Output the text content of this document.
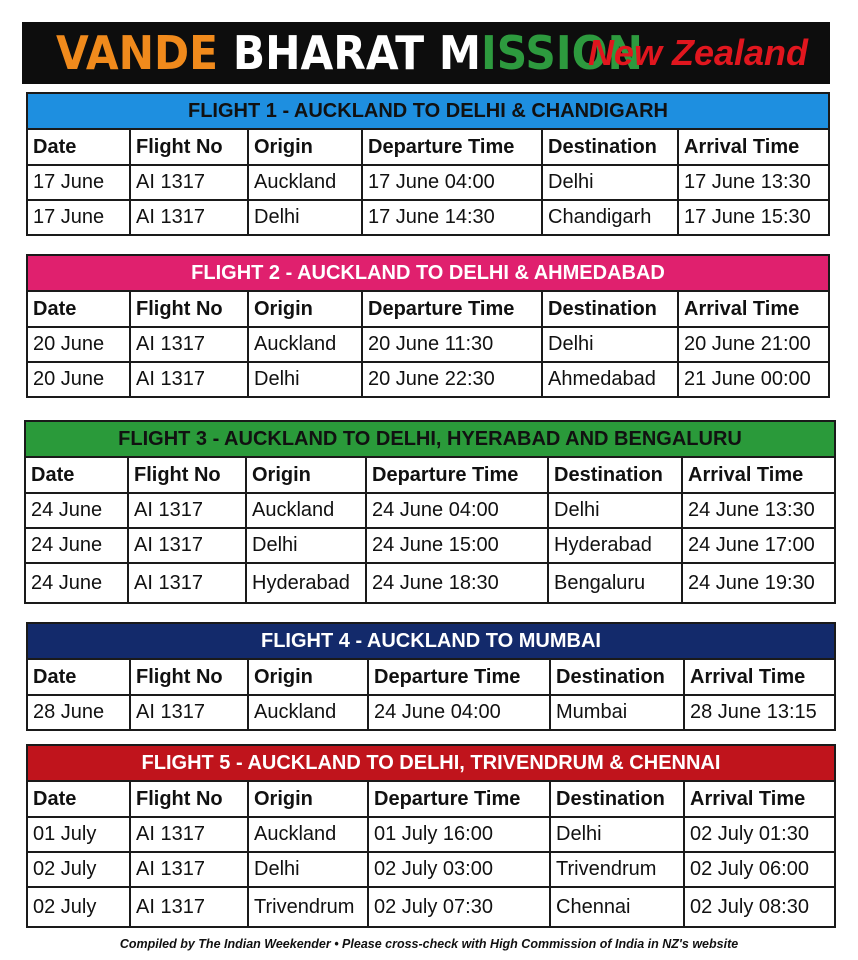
VANDE BHARAT MISSION
New Zealand
FLIGHT 1 - AUCKLAND TO DELHI & CHANDIGARH
Date	Flight No	Origin	Departure Time	Destination	Arrival Time
17 June	AI 1317	Auckland	17 June 04:00	Delhi	17 June 13:30
17 June	AI 1317	Delhi	17 June 14:30	Chandigarh	17 June 15:30
FLIGHT 2 - AUCKLAND TO DELHI & AHMEDABAD
Date	Flight No	Origin	Departure Time	Destination	Arrival Time
20 June	AI 1317	Auckland	20 June 11:30	Delhi	20 June 21:00
20 June	AI 1317	Delhi	20 June 22:30	Ahmedabad	21 June 00:00
FLIGHT 3 - AUCKLAND TO DELHI, HYERABAD AND BENGALURU
Date	Flight No	Origin	Departure Time	Destination	Arrival Time
24 June	AI 1317	Auckland	24 June 04:00	Delhi	24 June 13:30
24 June	AI 1317	Delhi	24 June 15:00	Hyderabad	24 June 17:00
24 June	AI 1317	Hyderabad	24 June 18:30	Bengaluru	24 June 19:30
FLIGHT 4 - AUCKLAND TO MUMBAI
Date	Flight No	Origin	Departure Time	Destination	Arrival Time
28 June	AI 1317	Auckland	24 June 04:00	Mumbai	28 June 13:15
FLIGHT 5 - AUCKLAND TO DELHI, TRIVENDRUM & CHENNAI
Date	Flight No	Origin	Departure Time	Destination	Arrival Time
01 July	AI 1317	Auckland	01 July 16:00	Delhi	02 July 01:30
02 July	AI 1317	Delhi	02 July 03:00	Trivendrum	02 July 06:00
02 July	AI 1317	Trivendrum	02 July 07:30	Chennai	02 July 08:30
Compiled by The Indian Weekender • Please cross-check with High Commission of India in NZ's website
